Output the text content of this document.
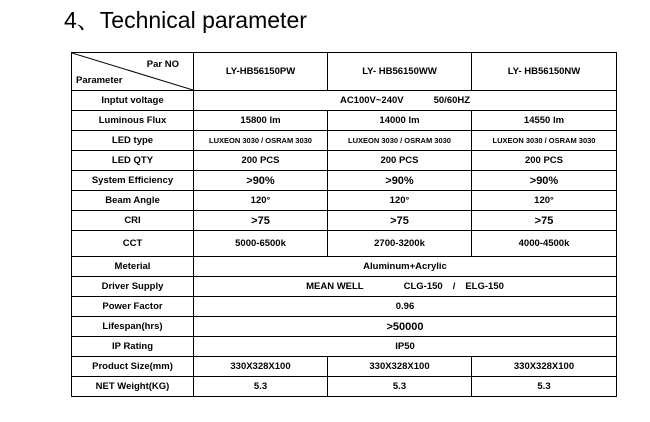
4、Technical parameter
Par NO
Parameter	LY-HB56150PW	LY- HB56150WW	LY- HB56150NW
Inptut voltage	AC100V~240V 50/60HZ		
Luminous Flux	15800 lm	14000 lm	14550 lm
LED type	LUXEON 3030 / OSRAM 3030	LUXEON 3030 / OSRAM 3030	LUXEON 3030 / OSRAM 3030
LED QTY	200 PCS	200 PCS	200 PCS
System Efficiency	>90%	>90%	>90%
Beam Angle	120°	120°	120°
CRI	>75	>75	>75
CCT	5000-6500k	2700-3200k	4000-4500k
Meterial	Aluminum+Acrylic		
Driver Supply	MEAN WELL CLG-150 / ELG-150		
Power Factor	0.96		
Lifespan(hrs)	>50000		
IP Rating	IP50		
Product Size(mm)	330X328X100	330X328X100	330X328X100
NET Weight(KG)	5.3	5.3	5.3
